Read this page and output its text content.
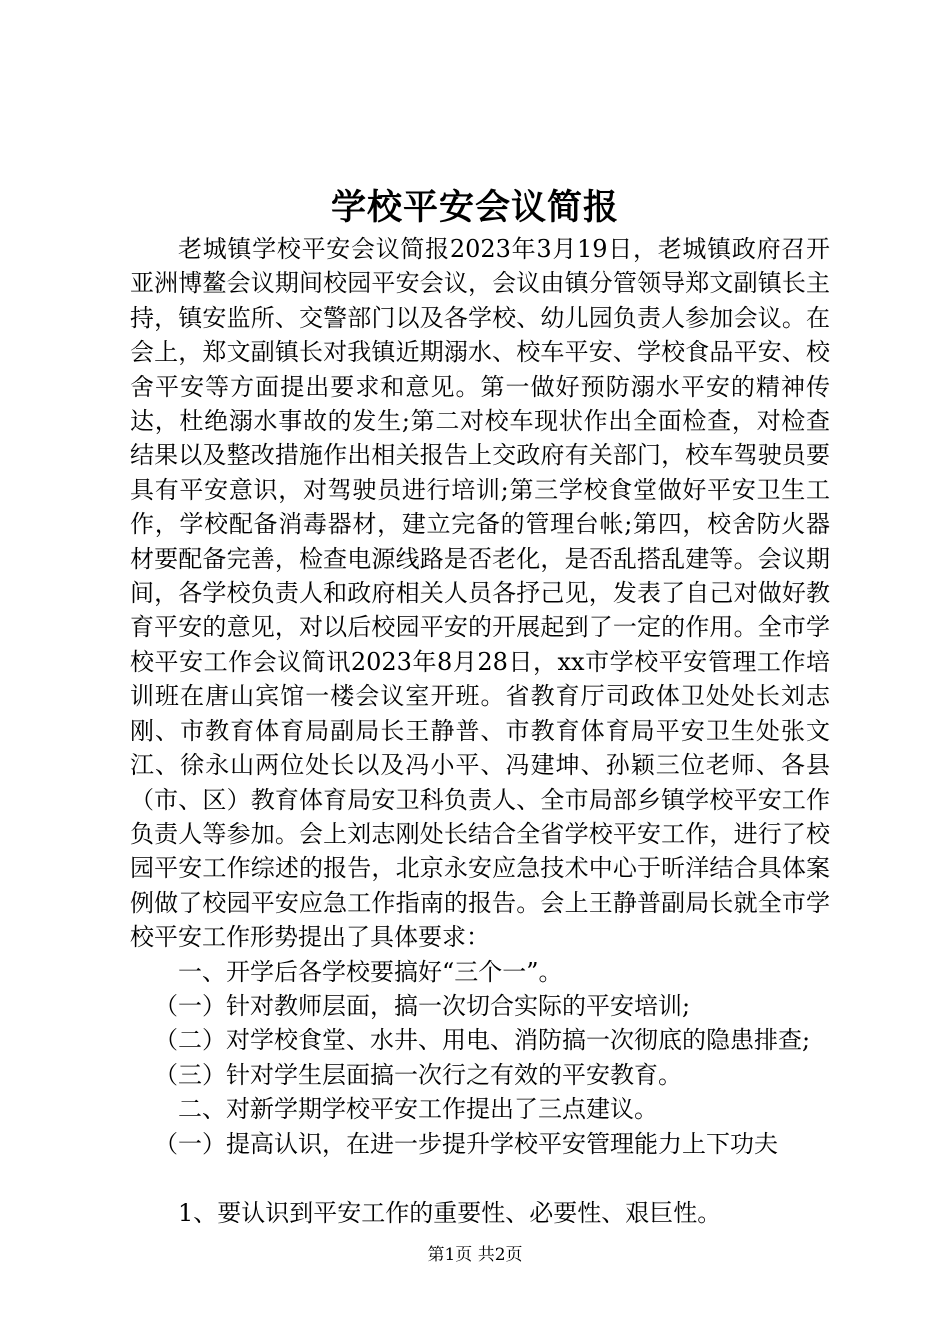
学校平安会议简报

老城镇学校平安会议简报2023年3月19日，老城镇政府召开亚洲博鳌会议期间校园平安会议，会议由镇分管领导郑文副镇长主持，镇安监所、交警部门以及各学校、幼儿园负责人参加会议。在会上，郑文副镇长对我镇近期溺水、校车平安、学校食品平安、校舍平安等方面提出要求和意见。第一做好预防溺水平安的精神传达，杜绝溺水事故的发生;第二对校车现状作出全面检查，对检查结果以及整改措施作出相关报告上交政府有关部门，校车驾驶员要具有平安意识，对驾驶员进行培训;第三学校食堂做好平安卫生工作，学校配备消毒器材，建立完备的管理台帐;第四，校舍防火器材要配备完善，检查电源线路是否老化，是否乱搭乱建等。会议期间，各学校负责人和政府相关人员各抒己见，发表了自己对做好教育平安的意见，对以后校园平安的开展起到了一定的作用。全市学校平安工作会议简讯2023年8月28日，xx市学校平安管理工作培训班在唐山宾馆一楼会议室开班。省教育厅司政体卫处处长刘志刚、市教育体育局副局长王静普、市教育体育局平安卫生处张文江、徐永山两位处长以及冯小平、冯建坤、孙颖三位老师、各县（市、区）教育体育局安卫科负责人、全市局部乡镇学校平安工作负责人等参加。会上刘志刚处长结合全省学校平安工作，进行了校园平安工作综述的报告，北京永安应急技术中心于昕洋结合具体案例做了校园平安应急工作指南的报告。会上王静普副局长就全市学校平安工作形势提出了具体要求：

一、开学后各学校要搞好“三个一”。

（一）针对教师层面，搞一次切合实际的平安培训;

（二）对学校食堂、水井、用电、消防搞一次彻底的隐患排查;

（三）针对学生层面搞一次行之有效的平安教育。

二、对新学期学校平安工作提出了三点建议。

（一）提高认识，在进一步提升学校平安管理能力上下功夫

1、要认识到平安工作的重要性、必要性、艰巨性。

第1页 共2页
